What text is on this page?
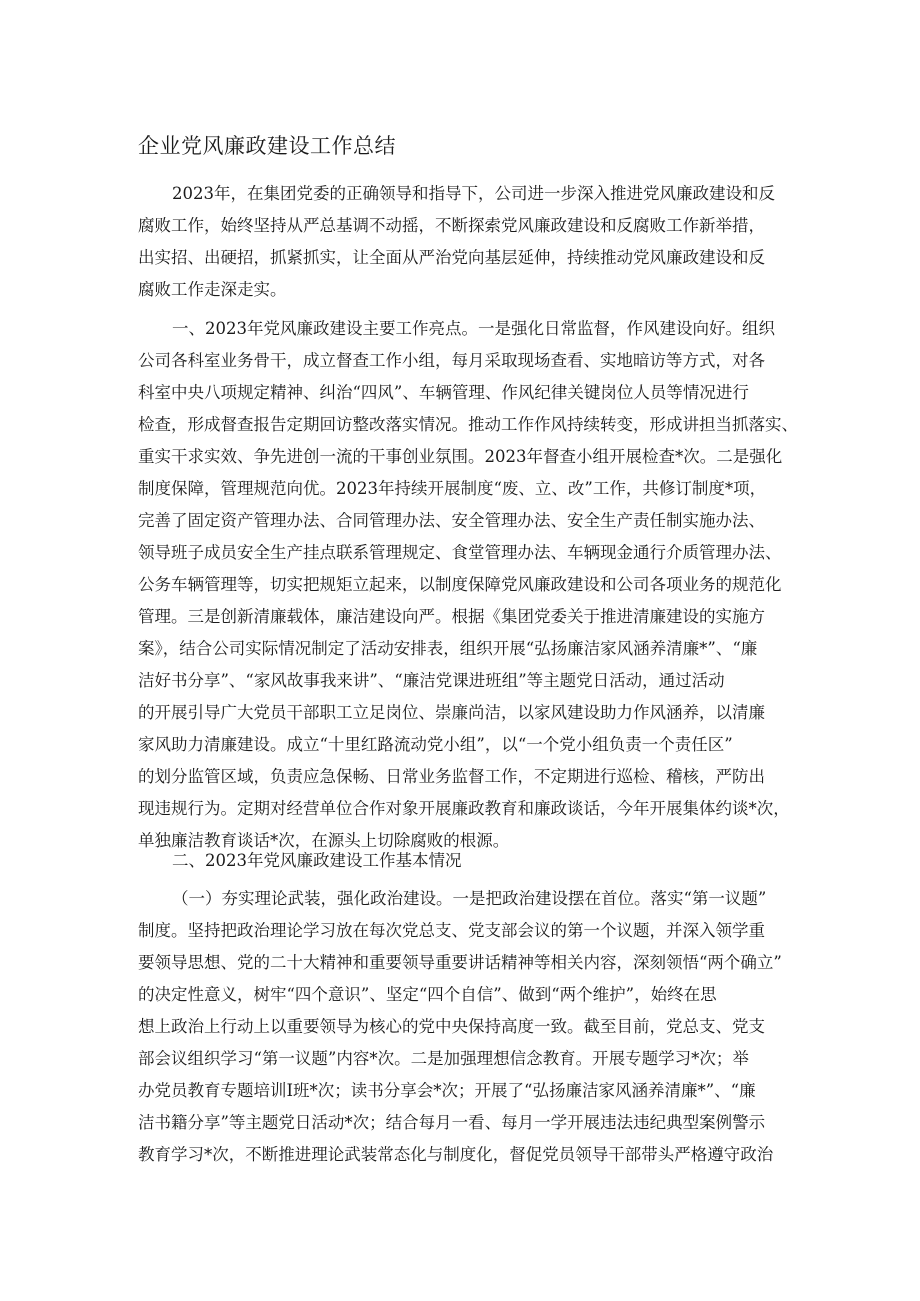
企业党风廉政建设工作总结

2023年，在集团党委的正确领导和指导下，公司进一步深入推进党风廉政建设和反
腐败工作，始终坚持从严总基调不动摇，不断探索党风廉政建设和反腐败工作新举措，
出实招、出硬招，抓紧抓实，让全面从严治党向基层延伸，持续推动党风廉政建设和反
腐败工作走深走实。

一、2023年党风廉政建设主要工作亮点。一是强化日常监督，作风建设向好。组织
公司各科室业务骨干，成立督查工作小组，每月采取现场查看、实地暗访等方式，对各
科室中央八项规定精神、纠治“四风”、车辆管理、作风纪律关键岗位人员等情况进行
检查，形成督查报告定期回访整改落实情况。推动工作作风持续转变，形成讲担当抓落实、
重实干求实效、争先进创一流的干事创业氛围。2023年督查小组开展检查*次。二是强化
制度保障，管理规范向优。2023年持续开展制度“废、立、改”工作，共修订制度*项，
完善了固定资产管理办法、合同管理办法、安全管理办法、安全生产责任制实施办法、
领导班子成员安全生产挂点联系管理规定、食堂管理办法、车辆现金通行介质管理办法、
公务车辆管理等，切实把规矩立起来，以制度保障党风廉政建设和公司各项业务的规范化
管理。三是创新清廉载体，廉洁建设向严。根据《集团党委关于推进清廉建设的实施方
案》，结合公司实际情况制定了活动安排表，组织开展“弘扬廉洁家风涵养清廉*”、“廉
洁好书分享”、“家风故事我来讲”、“廉洁党课进班组”等主题党日活动，通过活动
的开展引导广大党员干部职工立足岗位、崇廉尚洁，以家风建设助力作风涵养，以清廉
家风助力清廉建设。成立“十里红路流动党小组”，以“一个党小组负责一个责任区”
的划分监管区域，负责应急保畅、日常业务监督工作，不定期进行巡检、稽核，严防出
现违规行为。定期对经营单位合作对象开展廉政教育和廉政谈话，今年开展集体约谈*次，
单独廉洁教育谈话*次，在源头上切除腐败的根源。

二、2023年党风廉政建设工作基本情况

（一）夯实理论武装，强化政治建设。一是把政治建设摆在首位。落实“第一议题”
制度。坚持把政治理论学习放在每次党总支、党支部会议的第一个议题，并深入领学重
要领导思想、党的二十大精神和重要领导重要讲话精神等相关内容，深刻领悟“两个确立”
的决定性意义，树牢“四个意识”、坚定“四个自信”、做到“两个维护”，始终在思
想上政治上行动上以重要领导为核心的党中央保持高度一致。截至目前，党总支、党支
部会议组织学习“第一议题”内容*次。二是加强理想信念教育。开展专题学习*次；举
办党员教育专题培训Ⅰ班*次；读书分享会*次；开展了“弘扬廉洁家风涵养清廉*”、“廉
洁书籍分享”等主题党日活动*次；结合每月一看、每月一学开展违法违纪典型案例警示
教育学习*次，不断推进理论武装常态化与制度化，督促党员领导干部带头严格遵守政治
